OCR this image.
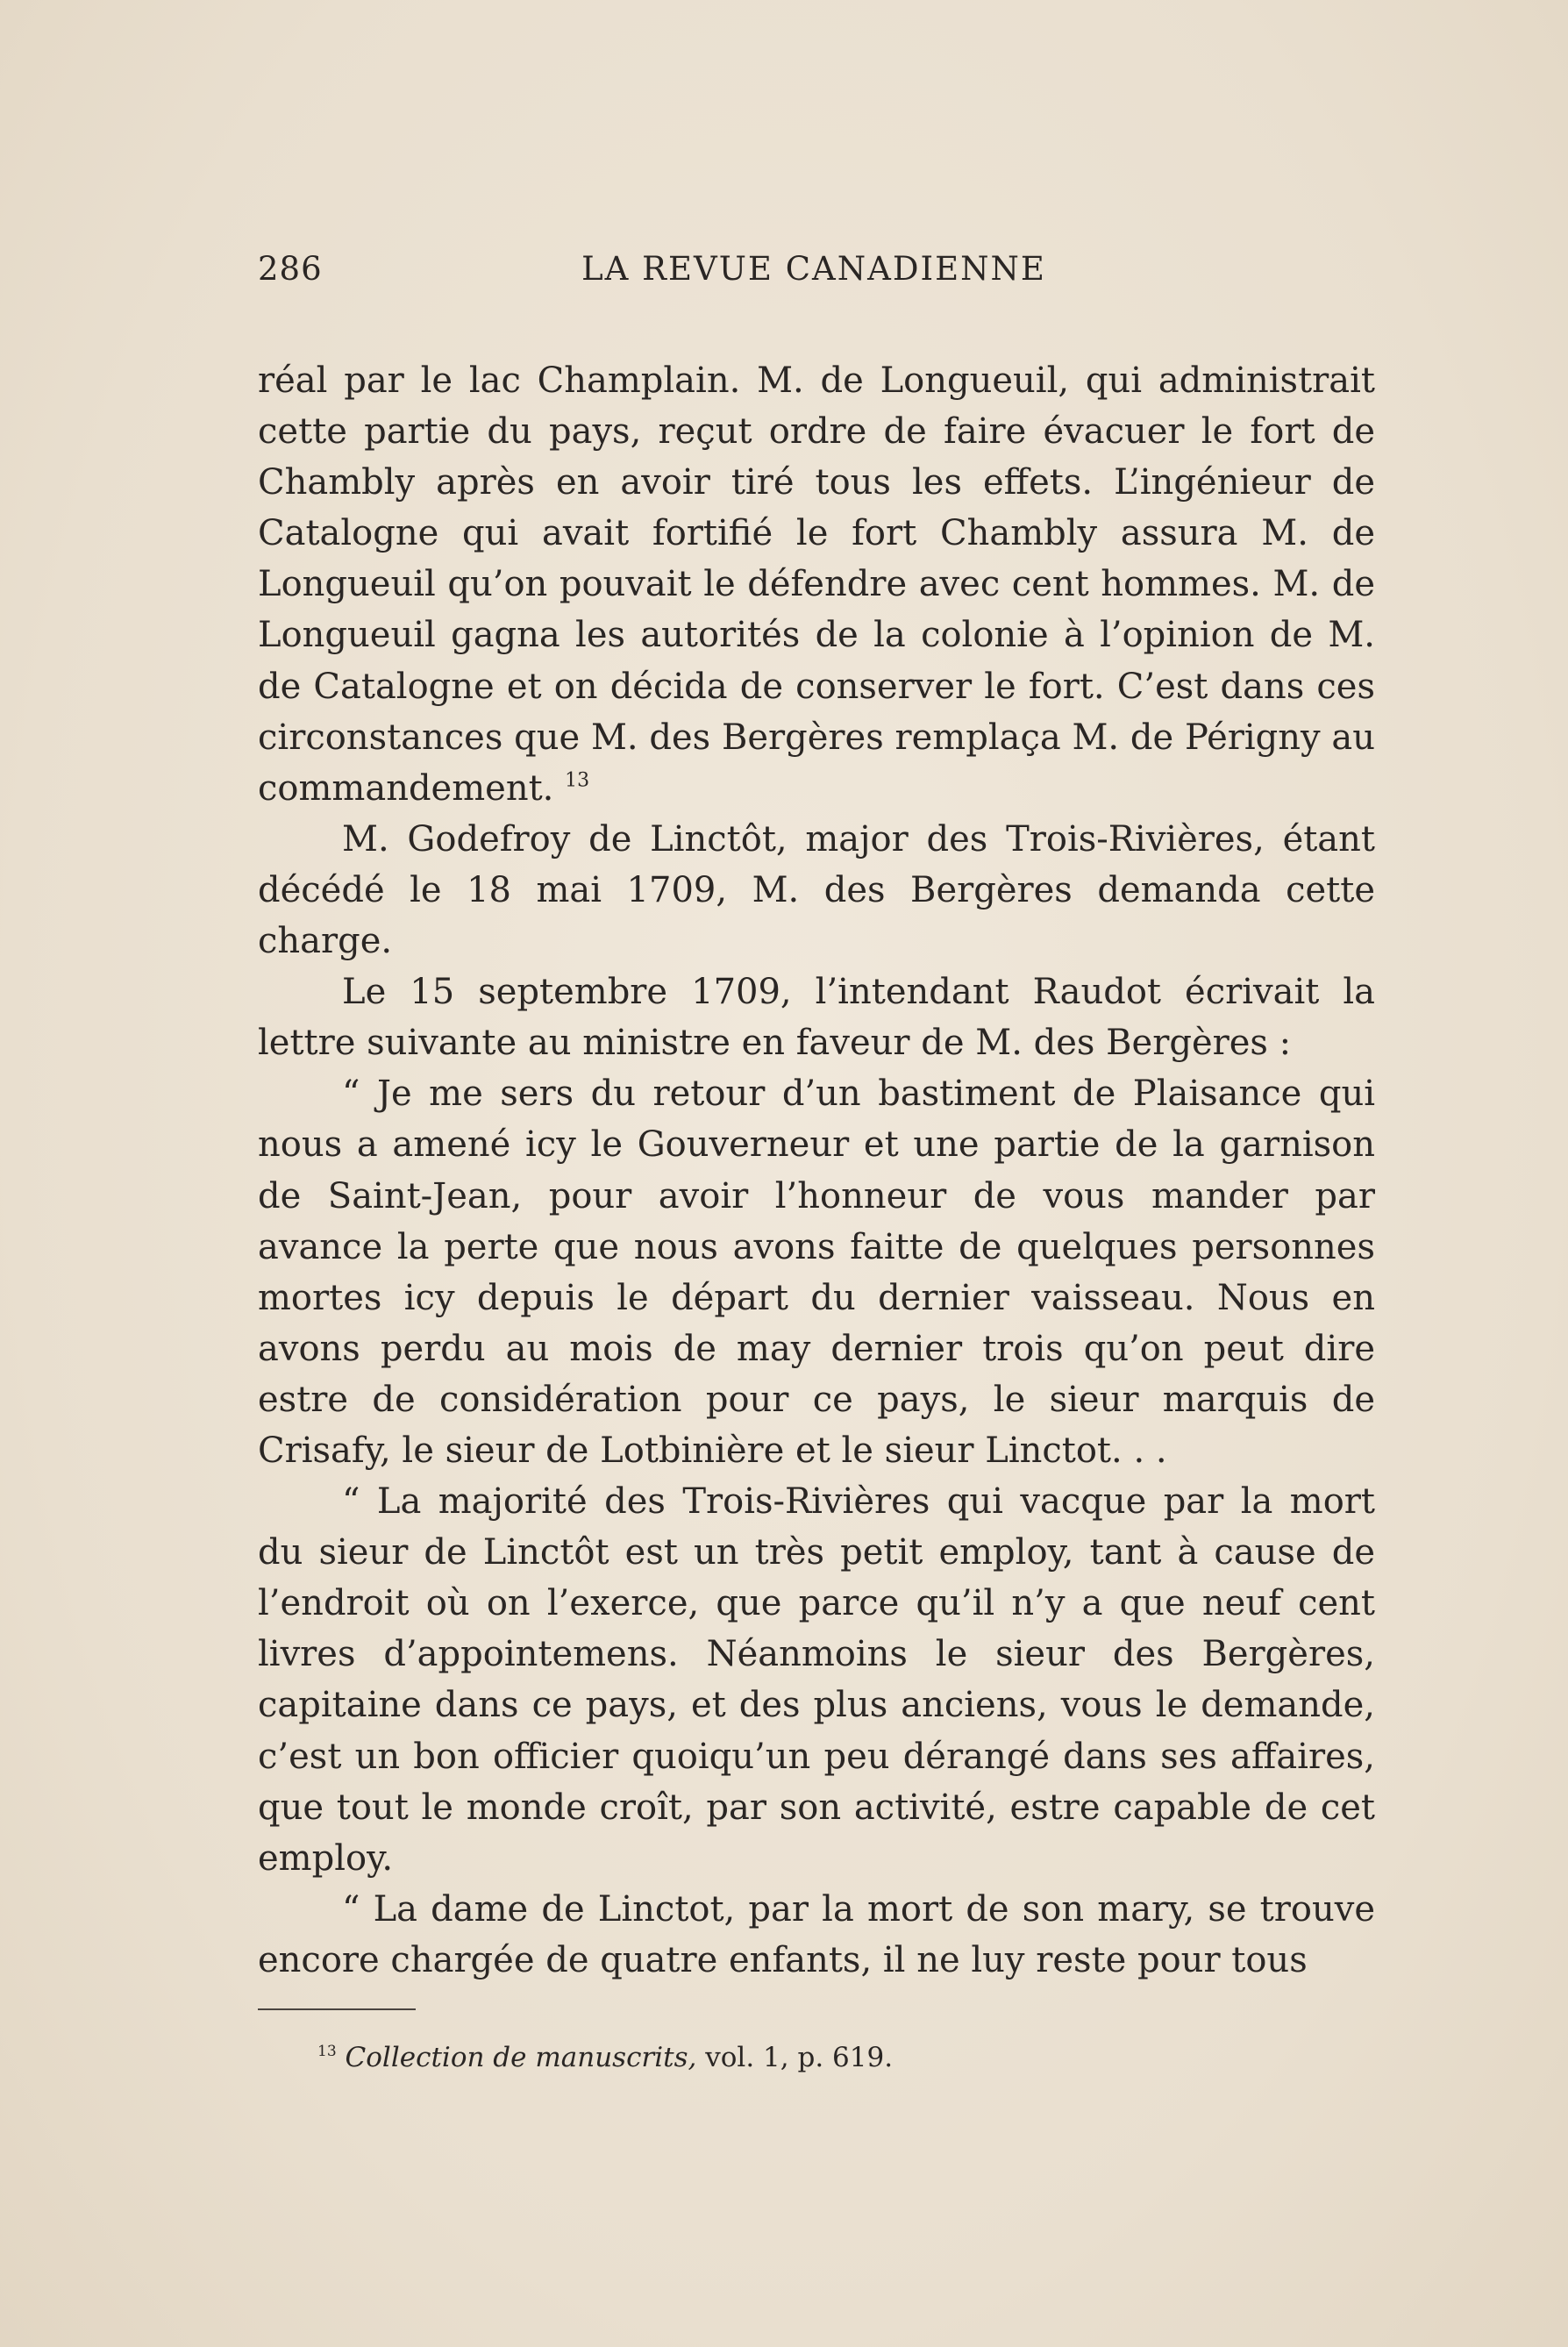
286	LA REVUE CANADIENNE

réal par le lac Champlain. M. de Longueuil, qui administrait cette partie du pays, reçut ordre de faire évacuer le fort de Chambly après en avoir tiré tous les effets. L’ingénieur de Catalogne qui avait fortifié le fort Chambly assura M. de Longueuil qu’on pouvait le défendre avec cent hommes. M. de Longueuil gagna les autorités de la colonie à l’opinion de M. de Catalogne et on décida de conserver le fort. C’est dans ces circonstances que M. des Bergères remplaça M. de Périgny au commandement. $^{13}$

M. Godefroy de Linctôt, major des Trois-Rivières, étant décédé le 18 mai 1709, M. des Bergères demanda cette charge.

Le 15 septembre 1709, l’intendant Raudot écrivait la lettre suivante au ministre en faveur de M. des Bergères :

“ Je me sers du retour d’un bastiment de Plaisance qui nous a amené icy le Gouverneur et une partie de la garnison de Saint-Jean, pour avoir l’honneur de vous mander par avance la perte que nous avons faitte de quelques personnes mortes icy depuis le départ du dernier vaisseau. Nous en avons perdu au mois de may dernier trois qu’on peut dire estre de considération pour ce pays, le sieur marquis de Crisafy, le sieur de Lotbinière et le sieur Linctot. . .

“ La majorité des Trois-Rivières qui vacque par la mort du sieur de Linctôt est un très petit employ, tant à cause de l’endroit où on l’exerce, que parce qu’il n’y a que neuf cent livres d’appointemens. Néanmoins le sieur des Bergères, capitaine dans ce pays, et des plus anciens, vous le demande, c’est un bon officier quoiqu’un peu dérangé dans ses affaires, que tout le monde croît, par son activité, estre capable de cet employ.

“ La dame de Linctot, par la mort de son mary, se trouve encore chargée de quatre enfants, il ne luy reste pour tous

$^{13}$ Collection de manuscrits, vol. 1, p. 619.
